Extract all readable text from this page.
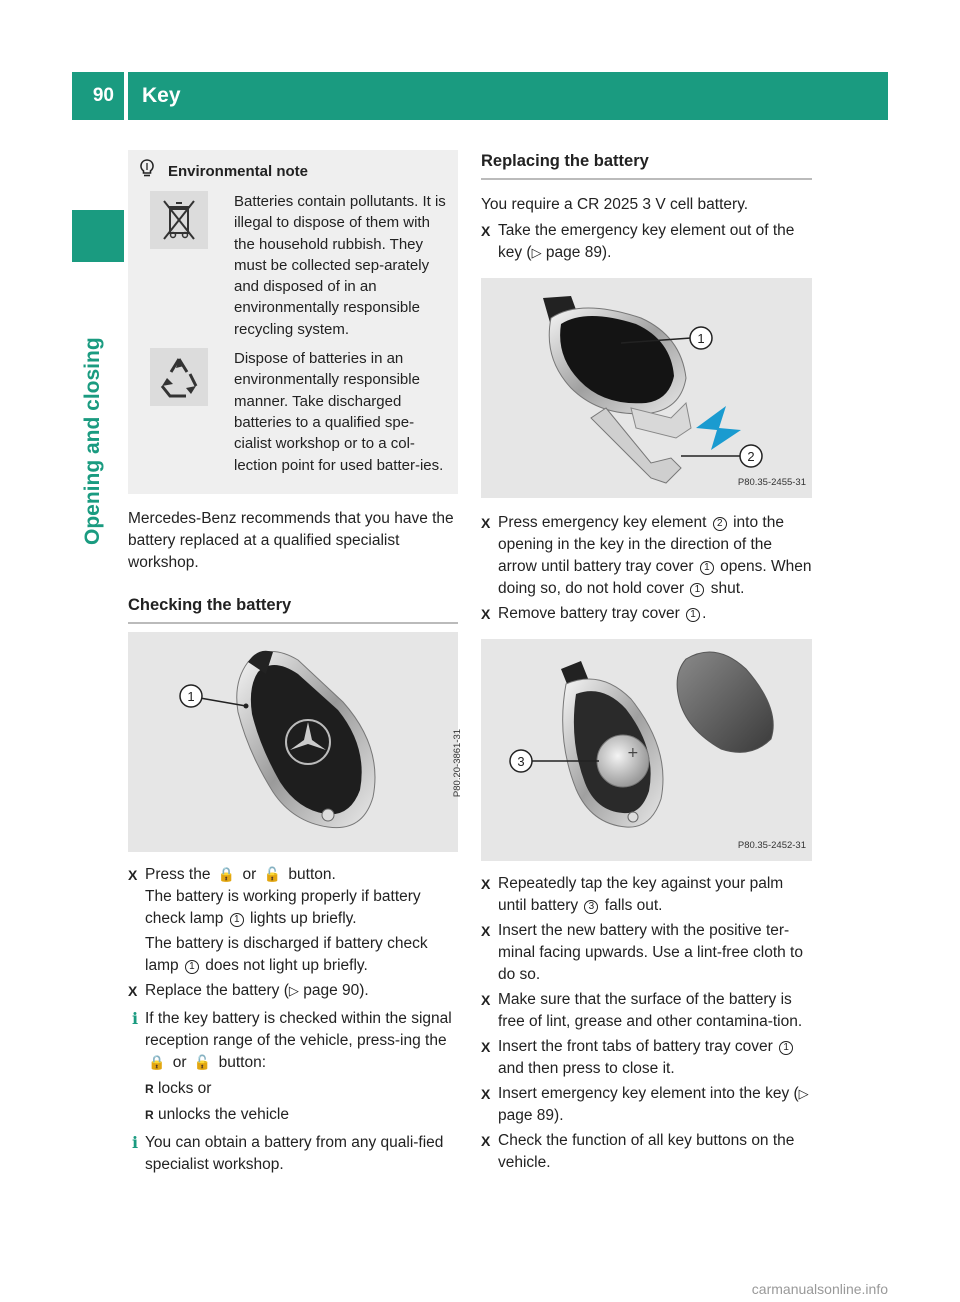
90	Key
Opening and closing
Environmental note
Batteries contain pollutants. It is illegal to dispose of them with the household rubbish. They must be collected sep-arately and disposed of in an environmentally responsible recycling system.
Dispose of batteries in an environmentally responsible manner. Take discharged batteries to a qualified spe-cialist workshop or to a col-lection point for used batter-ies.
Mercedes-Benz recommends that you have the battery replaced at a qualified specialist workshop.
Checking the battery
1
P80.20-3861-31
X Press the 🔒 or 🔓 button.
The battery is working properly if battery check lamp 1 lights up briefly.
The battery is discharged if battery check lamp 1 does not light up briefly.
X Replace the battery (▷ page 90).
i If the key battery is checked within the signal reception range of the vehicle, press-ing the 🔒 or 🔓 button:
R locks or
R unlocks the vehicle
i You can obtain a battery from any quali-fied specialist workshop.
Replacing the battery
You require a CR 2025 3 V cell battery.
X Take the emergency key element out of the key (▷ page 89).
1
2
P80.35-2455-31
X Press emergency key element 2 into the opening in the key in the direction of the arrow until battery tray cover 1 opens. When doing so, do not hold cover 1 shut.
X Remove battery tray cover 1 .
+
3
P80.35-2452-31
X Repeatedly tap the key against your palm until battery 3 falls out.
X Insert the new battery with the positive ter-minal facing upwards. Use a lint-free cloth to do so.
X Make sure that the surface of the battery is free of lint, grease and other contamina-tion.
X Insert the front tabs of battery tray cover 1 and then press to close it.
X Insert emergency key element into the key (▷ page 89).
X Check the function of all key buttons on the vehicle.
carmanualsonline.info
